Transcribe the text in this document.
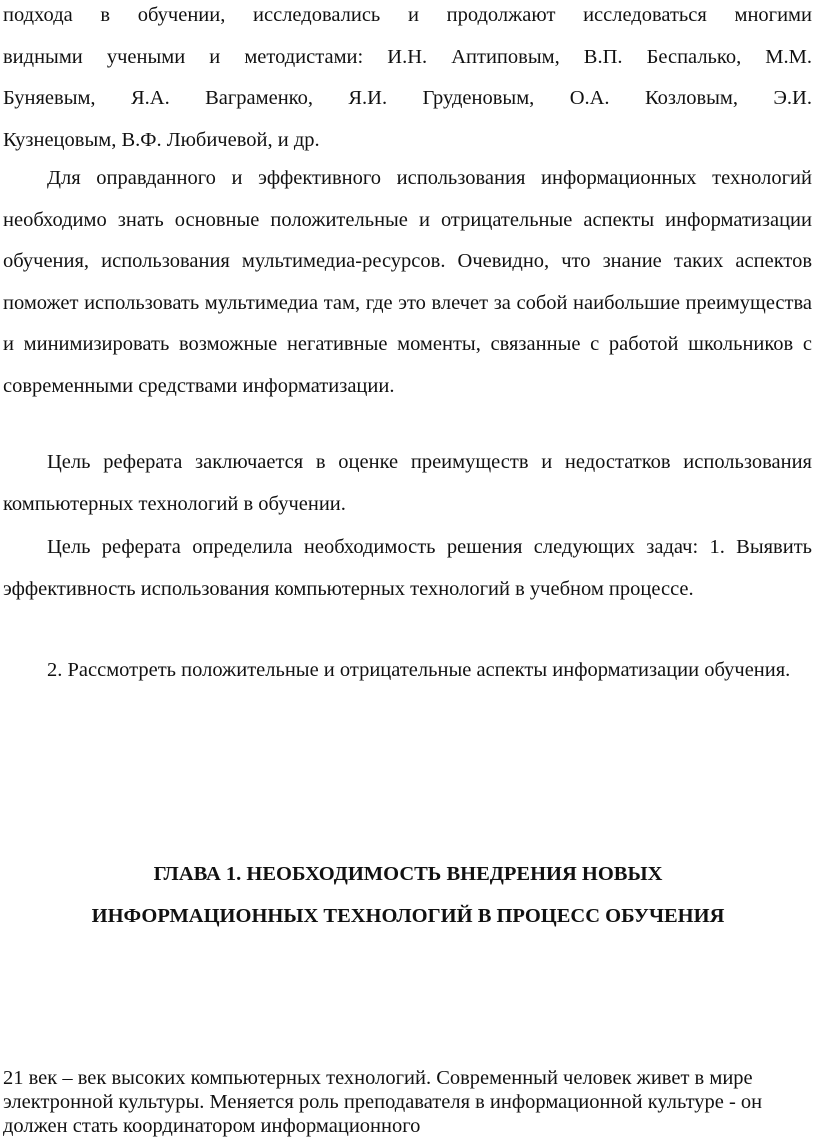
подхода в обучении, исследовались и продолжают исследоваться многими
видными учеными и методистами: И.Н. Аптиповым, В.П. Беспалько, М.М.
Буняевым, Я.А. Ваграменко, Я.И. Груденовым, О.А. Козловым, Э.И.
Кузнецовым, В.Ф. Любичевой, и др.
Для оправданного и эффективного использования информационных технологий необходимо знать основные положительные и отрицательные аспекты информатизации обучения, использования мультимедиа-ресурсов. Очевидно, что знание таких аспектов поможет использовать мультимедиа там, где это влечет за собой наибольшие преимущества и минимизировать возможные негативные моменты, связанные с работой школьников с современными средствами информатизации.
Цель реферата заключается в оценке преимуществ и недостатков использования компьютерных технологий в обучении.
Цель реферата определила необходимость решения следующих задач: 1. Выявить эффективность использования компьютерных технологий в учебном процессе.
2. Рассмотреть положительные и отрицательные аспекты информатизации обучения.
ГЛАВА 1. НЕОБХОДИМОСТЬ ВНЕДРЕНИЯ НОВЫХ
ИНФОРМАЦИОННЫХ ТЕХНОЛОГИЙ В ПРОЦЕСС ОБУЧЕНИЯ
21 век – век высоких компьютерных технологий. Современный человек живет в мире электронной культуры. Меняется роль преподавателя в информационной культуре - он должен стать координатором информационного
